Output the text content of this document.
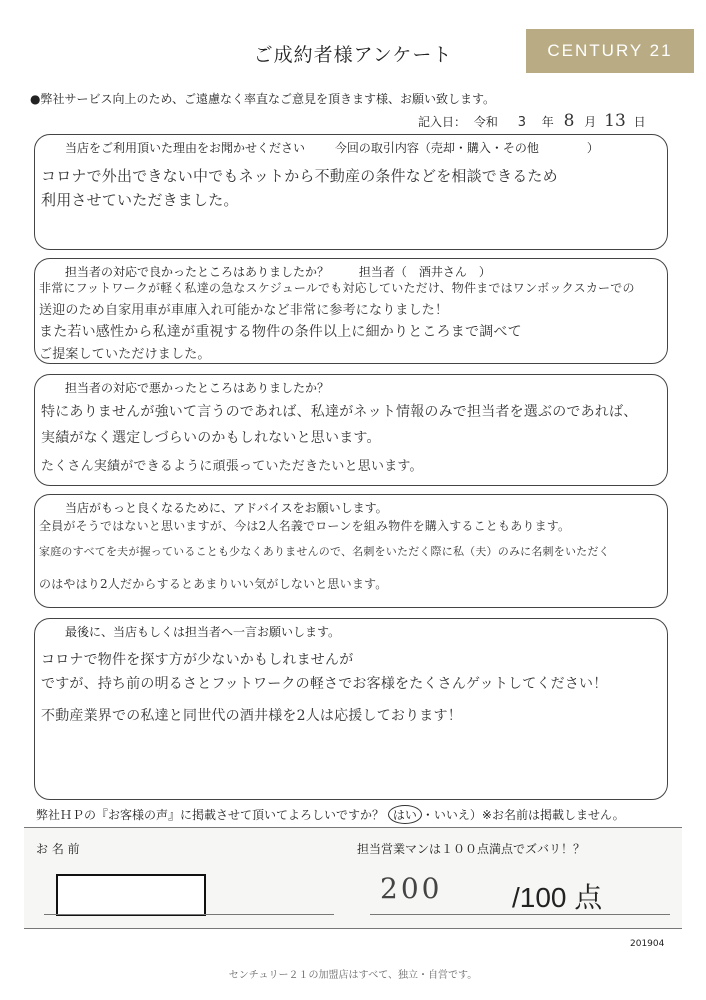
ご成約者様アンケート	CENTURY 21
●弊社サービス向上のため、ご遠慮なく率直なご意見を頂きます様、お願い致します。
記入日： 令和 3 年 8 月 13 日
当店をご利用頂いた理由をお聞かせください 今回の取引内容（売却・購入・その他　　　　）
コロナで外出できない中でもネットから不動産の条件などを相談できるため
利用させていただきました。
担当者の対応で良かったところはありましたか？ 担当者（　酒井さん　）
非常にフットワークが軽く私達の急なスケジュールでも対応していただけ、物件まではワンボックスカーでの
送迎のため自家用車が車庫入れ可能かなど非常に参考になりました！
また若い感性から私達が重視する物件の条件以上に細かりところまで調べて
ご提案していただけました。
担当者の対応で悪かったところはありましたか？
特にありませんが強いて言うのであれば、私達がネット情報のみで担当者を選ぶのであれば、
実績がなく選定しづらいのかもしれないと思います。
たくさん実績ができるように頑張っていただきたいと思います。
当店がもっと良くなるために、アドバイスをお願いします。
全員がそうではないと思いますが、今は2人名義でローンを組み物件を購入することもあります。
家庭のすべてを夫が握っていることも少なくありませんので、名刺をいただく際に私（夫）のみに名刺をいただく
のはやはり2人だからするとあまりいい気がしないと思います。
最後に、当店もしくは担当者へ一言お願いします。
コロナで物件を探す方が少ないかもしれませんが
ですが、持ち前の明るさとフットワークの軽さでお客様をたくさんゲットしてください！
不動産業界での私達と同世代の酒井様を2人は応援しております！
弊社ＨＰの『お客様の声』に掲載させて頂いてよろしいですか？ はい ・いいえ）※お名前は掲載しません。
お 名 前	担当営業マンは１００点満点でズバリ！？
200 /100 点
201904
センチュリー２１の加盟店はすべて、独立・自営です。
